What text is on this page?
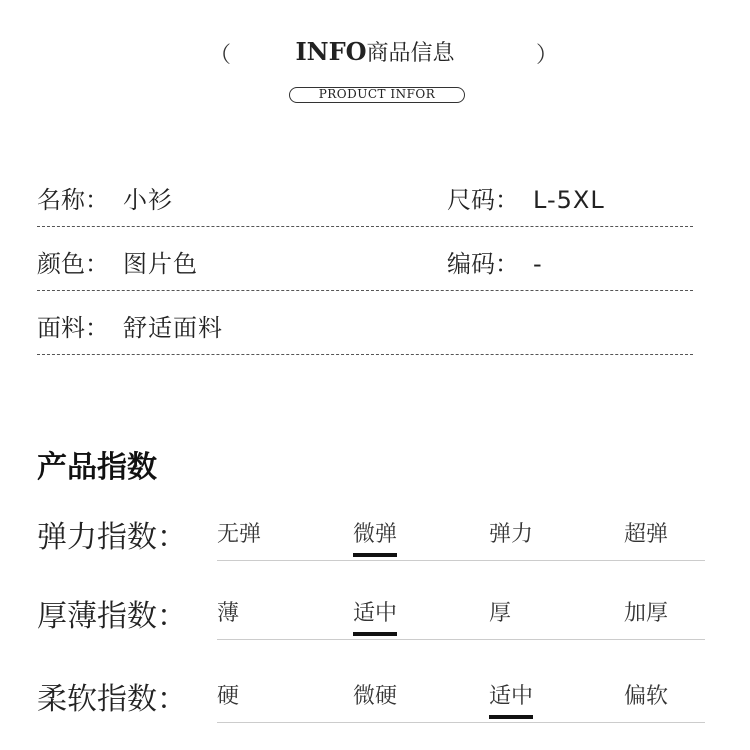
（	INFO商品信息	）
PRODUCT INFOR
名称： 小衫	尺码： L-5XL
颜色： 图片色	编码： -
面料： 舒适面料
产品指数
弹力指数： 无弹	微弹	弹力	超弹
厚薄指数： 薄	适中	厚	加厚
柔软指数： 硬	微硬	适中	偏软
